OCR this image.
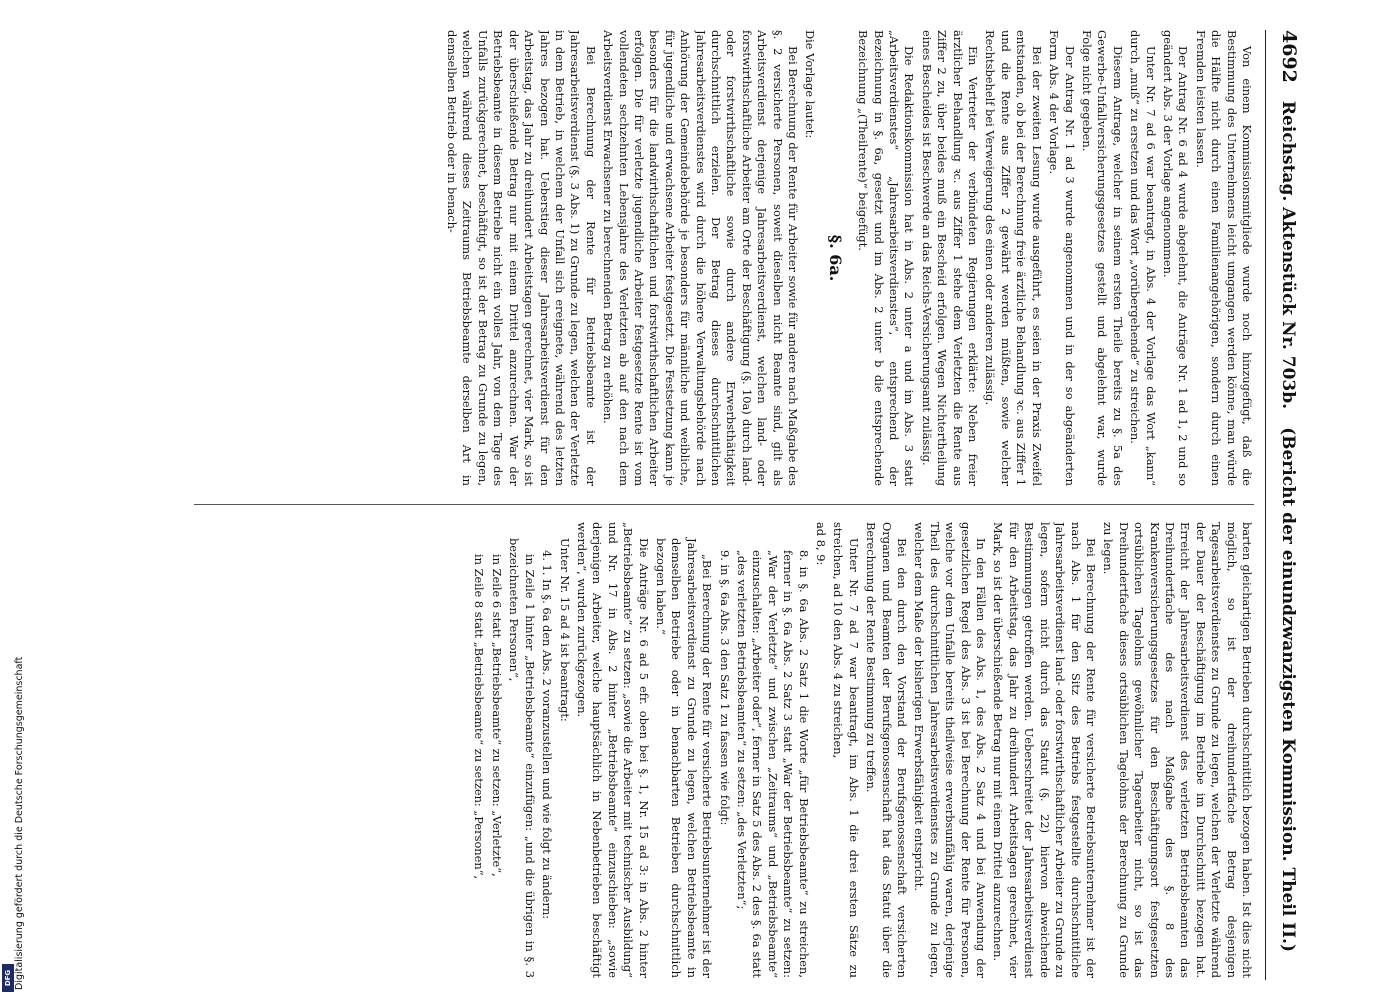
4692
Reichstag. Aktenstück Nr. 703b.
(Bericht der einundzwanzigsten Kommission. Theil II.)

Von einem Kommissionsmitgliede wurde noch hinzugefügt, daß die Bestimmung des Unternehmens leicht umgangen werden könne, man würde die Hälfte nicht durch einen Familienangehörigen, sondern durch einen Fremden leisten lassen.

Der Antrag Nr. 6 ad 4 wurde abgelehnt, die Anträge Nr. 1 ad 1, 2 und so geändert Abs. 3 der Vorlage angenommen.

Unter Nr. 7 ad 6 war beantragt, in Abs. 4 der Vorlage das Wort „kann“ durch „muß“ zu ersetzen und das Wort „vorübergehende“ zu streichen.

Diesem Antrage, welcher in seinem ersten Theile bereits zu §. 5a des Gewerbe-Unfallversicherungsgesetzes gestellt und abgelehnt war, wurde Folge nicht gegeben.

Der Antrag Nr. 1 ad 3 wurde angenommen und in der so abgeänderten Form Abs. 4 der Vorlage.

Bei der zweiten Lesung wurde ausgeführt, es seien in der Praxis Zweifel entstanden, ob bei der Berechnung freie ärztliche Behandlung ꝛc. aus Ziffer 1 und die Rente aus Ziffer 2 gewährt werden müßten, sowie welcher Rechtsbehelf bei Verweigerung des einen oder anderen zulässig.

Ein Vertreter der verbündeten Regierungen erklärte: Neben freier ärztlicher Behandlung ꝛc. aus Ziffer 1 stehe dem Verletzten die Rente aus Ziffer 2 zu, über beides muß ein Bescheid erfolgen. Wegen Nichtertheilung eines Bescheides ist Beschwerde an das Reichs-Versicherungsamt zulässig.

Die Redaktionskommission hat in Abs. 2 unter a und im Abs. 3 statt „Arbeitsverdienstes“ „Jahresarbeitsverdienstes“, entsprechend der Bezeichnung in §. 6a, gesetzt und im Abs. 2 unter b die entsprechende Bezeichnung „(Theilrente)“ beigefügt.

§. 6a.

Die Vorlage lautet:

Bei Berechnung der Rente für Arbeiter sowie für andere nach Maßgabe des §. 2 versicherte Personen, soweit dieselben nicht Beamte sind, gilt als Arbeitsverdienst derjenige Jahresarbeitsverdienst, welchen land- oder forstwirthschaftliche Arbeiter am Orte der Beschäftigung (§. 10a) durch land- oder forstwirthschaftliche sowie durch andere Erwerbsthätigkeit durchschnittlich erzielen. Der Betrag dieses durchschnittlichen Jahresarbeitsverdienstes wird durch die höhere Verwaltungsbehörde nach Anhörung der Gemeindebehörde je besonders für männliche und weibliche, für jugendliche und erwachsene Arbeiter festgesetzt. Die Festsetzung kann je besonders für die landwirthschaftlichen und forstwirthschaftlichen Arbeiter erfolgen. Die für verletzte jugendliche Arbeiter festgesetzte Rente ist vom vollendeten sechzehnten Lebensjahre des Verletzten ab auf den nach dem Arbeitsverdienst Erwachsener zu berechnenden Betrag zu erhöhen.

Bei Berechnung der Rente für Betriebsbeamte ist der Jahresarbeitsverdienst (§. 3 Abs. 1) zu Grunde zu legen, welchen der Verletzte in dem Betrieb, in welchem der Unfall sich ereignete, während des letzten Jahres bezogen hat. Ueberstieg dieser Jahresarbeitsverdienst für den Arbeitstag, das Jahr zu dreihundert Arbeitstagen gerechnet, vier Mark, so ist der überschießende Betrag nur mit einem Drittel anzurechnen. War der Betriebsbeamte in diesem Betriebe nicht ein volles Jahr, von dem Tage des Unfalls zurückgerechnet, beschäftigt, so ist der Betrag zu Grunde zu legen, welchen während dieses Zeitraums Betriebsbeamte derselben Art in demselben Betrieb oder in benach-

barten gleichartigen Betrieben durchschnittlich bezogen haben. Ist dies nicht möglich, so ist der dreihundertfache Betrag desjenigen Tagesarbeitsverdienstes zu Grunde zu legen, welchen der Verletzte während der Dauer der Beschäftigung im Betriebe im Durchschnitt bezogen hat. Erreicht der Jahresarbeitsverdienst des verletzten Betriebsbeamten das Dreihundertfache des nach Maßgabe des §. 8 des Krankenversicherungsgesetzes für den Beschäftigungsort festgesetzten ortsüblichen Tagelohns gewöhnlicher Tagearbeiter nicht, so ist das Dreihundertfache dieses ortsüblichen Tagelohns der Berechnung zu Grunde zu legen.

Bei Berechnung der Rente für versicherte Betriebsunternehmer ist der nach Abs. 1 für den Sitz des Betriebs festgestellte durchschnittliche Jahresarbeitsverdienst land- oder forstwirthschaftlicher Arbeiter zu Grunde zu legen, sofern nicht durch das Statut (§. 22) hiervon abweichende Bestimmungen getroffen werden. Ueberschreitet der Jahresarbeitsverdienst für den Arbeitstag, das Jahr zu dreihundert Arbeitstagen gerechnet, vier Mark, so ist der überschießende Betrag nur mit einem Drittel anzurechnen.

In den Fällen des Abs. 1, des Abs. 2 Satz 4 und bei Anwendung der gesetzlichen Regel des Abs. 3 ist bei Berechnung der Rente für Personen, welche vor dem Unfalle bereits theilweise erwerbsunfähig waren, derjenige Theil des durchschnittlichen Jahresarbeitsverdienstes zu Grunde zu legen, welcher dem Maße der bisherigen Erwerbsfähigkeit entspricht.

Bei den durch den Vorstand der Berufsgenossenschaft versicherten Organen und Beamten der Berufsgenossenschaft hat das Statut über die Berechnung der Rente Bestimmung zu treffen.

Unter Nr. 7 ad 7 war beantragt, im Abs. 1 die drei ersten Sätze zu streichen, ad 10 den Abs. 4 zu streichen,

ad 8, 9:

8. in §. 6a Abs. 2 Satz 1 die Worte „für Betriebsbeamte“ zu streichen, ferner in §. 6a Abs. 2 Satz 3 statt „War der Betriebsbeamte“ zu setzen: „War der Verletzte“ und zwischen „Zeitraums“ und „Betriebsbeamte“ einzuschalten: „Arbeiter oder“, ferner in Satz 5 des Abs. 2 des §. 6a statt „des verletzten Betriebsbeamten“ zu setzen: „des Verletzten“;

9. in §. 6a Abs. 3 den Satz 1 zu fassen wie folgt:

„Bei Berechnung der Rente für versicherte Betriebsunternehmer ist der Jahresarbeitsverdienst zu Grunde zu legen, welchen Betriebsbeamte in demselben Betriebe oder in benachbarten Betrieben durchschnittlich bezogen haben.“

Die Anträge Nr. 6 ad 5 efr. oben bei §. 1, Nr. 15 ad 3: in Abs. 2 hinter „Betriebsbeamte“ zu setzen: „sowie die Arbeiter mit technischer Ausbildung“ und Nr. 17 in Abs. 2 hinter „Betriebsbeamte“ einzuschieben: „sowie derjenigen Arbeiter, welche hauptsächlich in Nebenbetrieben beschäftigt werden“, wurden zurückgezogen.

Unter Nr. 15 ad 4 ist beantragt:

4. 1. In §. 6a den Abs. 2 voranzustellen und wie folgt zu ändern:

in Zeile 1 hinter „Betriebsbeamte“ einzufügen: „und die übrigen in §. 3 bezeichneten Personen“,

in Zeile 6 statt „Betriebsbeamte“ zu setzen: „Verletzte“,

in Zeile 8 statt „Betriebsbeamte“ zu setzen: „Personen“,

Digitalisierung gefördert durch die Deutsche Forschungsgemeinschaft
DFG
